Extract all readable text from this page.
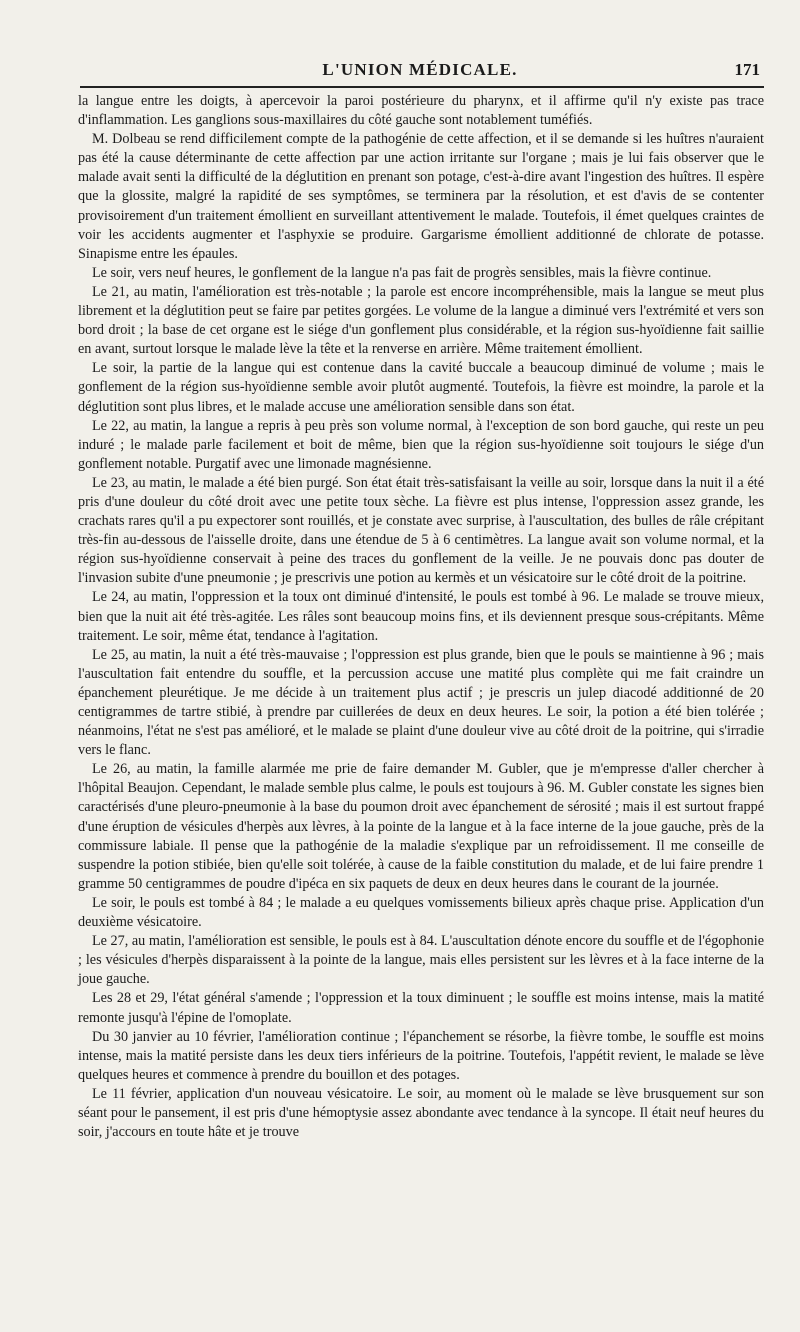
L'UNION MÉDICALE.	171

la langue entre les doigts, à apercevoir la paroi postérieure du pharynx, et il affirme qu'il n'y existe pas trace d'inflammation. Les ganglions sous-maxillaires du côté gauche sont notablement tuméfiés.

M. Dolbeau se rend difficilement compte de la pathogénie de cette affection, et il se demande si les huîtres n'auraient pas été la cause déterminante de cette affection par une action irritante sur l'organe ; mais je lui fais observer que le malade avait senti la difficulté de la déglutition en prenant son potage, c'est-à-dire avant l'ingestion des huîtres. Il espère que la glossite, malgré la rapidité de ses symptômes, se terminera par la résolution, et est d'avis de se contenter provisoirement d'un traitement émollient en surveillant attentivement le malade. Toutefois, il émet quelques craintes de voir les accidents augmenter et l'asphyxie se produire. Gargarisme émollient additionné de chlorate de potasse. Sinapisme entre les épaules.

Le soir, vers neuf heures, le gonflement de la langue n'a pas fait de progrès sensibles, mais la fièvre continue.

Le 21, au matin, l'amélioration est très-notable ; la parole est encore incompréhensible, mais la langue se meut plus librement et la déglutition peut se faire par petites gorgées. Le volume de la langue a diminué vers l'extrémité et vers son bord droit ; la base de cet organe est le siége d'un gonflement plus considérable, et la région sus-hyoïdienne fait saillie en avant, surtout lorsque le malade lève la tête et la renverse en arrière. Même traitement émollient.

Le soir, la partie de la langue qui est contenue dans la cavité buccale a beaucoup diminué de volume ; mais le gonflement de la région sus-hyoïdienne semble avoir plutôt augmenté. Toutefois, la fièvre est moindre, la parole et la déglutition sont plus libres, et le malade accuse une amélioration sensible dans son état.

Le 22, au matin, la langue a repris à peu près son volume normal, à l'exception de son bord gauche, qui reste un peu induré ; le malade parle facilement et boit de même, bien que la région sus-hyoïdienne soit toujours le siége d'un gonflement notable. Purgatif avec une limonade magnésienne.

Le 23, au matin, le malade a été bien purgé. Son état était très-satisfaisant la veille au soir, lorsque dans la nuit il a été pris d'une douleur du côté droit avec une petite toux sèche. La fièvre est plus intense, l'oppression assez grande, les crachats rares qu'il a pu expectorer sont rouillés, et je constate avec surprise, à l'auscultation, des bulles de râle crépitant très-fin au-dessous de l'aisselle droite, dans une étendue de 5 à 6 centimètres. La langue avait son volume normal, et la région sus-hyoïdienne conservait à peine des traces du gonflement de la veille. Je ne pouvais donc pas douter de l'invasion subite d'une pneumonie ; je prescrivis une potion au kermès et un vésicatoire sur le côté droit de la poitrine.

Le 24, au matin, l'oppression et la toux ont diminué d'intensité, le pouls est tombé à 96. Le malade se trouve mieux, bien que la nuit ait été très-agitée. Les râles sont beaucoup moins fins, et ils deviennent presque sous-crépitants. Même traitement. Le soir, même état, tendance à l'agitation.

Le 25, au matin, la nuit a été très-mauvaise ; l'oppression est plus grande, bien que le pouls se maintienne à 96 ; mais l'auscultation fait entendre du souffle, et la percussion accuse une matité plus complète qui me fait craindre un épanchement pleurétique. Je me décide à un traitement plus actif ; je prescris un julep diacodé additionné de 20 centigrammes de tartre stibié, à prendre par cuillerées de deux en deux heures. Le soir, la potion a été bien tolérée ; néanmoins, l'état ne s'est pas amélioré, et le malade se plaint d'une douleur vive au côté droit de la poitrine, qui s'irradie vers le flanc.

Le 26, au matin, la famille alarmée me prie de faire demander M. Gubler, que je m'empresse d'aller chercher à l'hôpital Beaujon. Cependant, le malade semble plus calme, le pouls est toujours à 96. M. Gubler constate les signes bien caractérisés d'une pleuro-pneumonie à la base du poumon droit avec épanchement de sérosité ; mais il est surtout frappé d'une éruption de vésicules d'herpès aux lèvres, à la pointe de la langue et à la face interne de la joue gauche, près de la commissure labiale. Il pense que la pathogénie de la maladie s'explique par un refroidissement. Il me conseille de suspendre la potion stibiée, bien qu'elle soit tolérée, à cause de la faible constitution du malade, et de lui faire prendre 1 gramme 50 centigrammes de poudre d'ipéca en six paquets de deux en deux heures dans le courant de la journée.

Le soir, le pouls est tombé à 84 ; le malade a eu quelques vomissements bilieux après chaque prise. Application d'un deuxième vésicatoire.

Le 27, au matin, l'amélioration est sensible, le pouls est à 84. L'auscultation dénote encore du souffle et de l'égophonie ; les vésicules d'herpès disparaissent à la pointe de la langue, mais elles persistent sur les lèvres et à la face interne de la joue gauche.

Les 28 et 29, l'état général s'amende ; l'oppression et la toux diminuent ; le souffle est moins intense, mais la matité remonte jusqu'à l'épine de l'omoplate.

Du 30 janvier au 10 février, l'amélioration continue ; l'épanchement se résorbe, la fièvre tombe, le souffle est moins intense, mais la matité persiste dans les deux tiers inférieurs de la poitrine. Toutefois, l'appétit revient, le malade se lève quelques heures et commence à prendre du bouillon et des potages.

Le 11 février, application d'un nouveau vésicatoire. Le soir, au moment où le malade se lève brusquement sur son séant pour le pansement, il est pris d'une hémoptysie assez abondante avec tendance à la syncope. Il était neuf heures du soir, j'accours en toute hâte et je trouve
